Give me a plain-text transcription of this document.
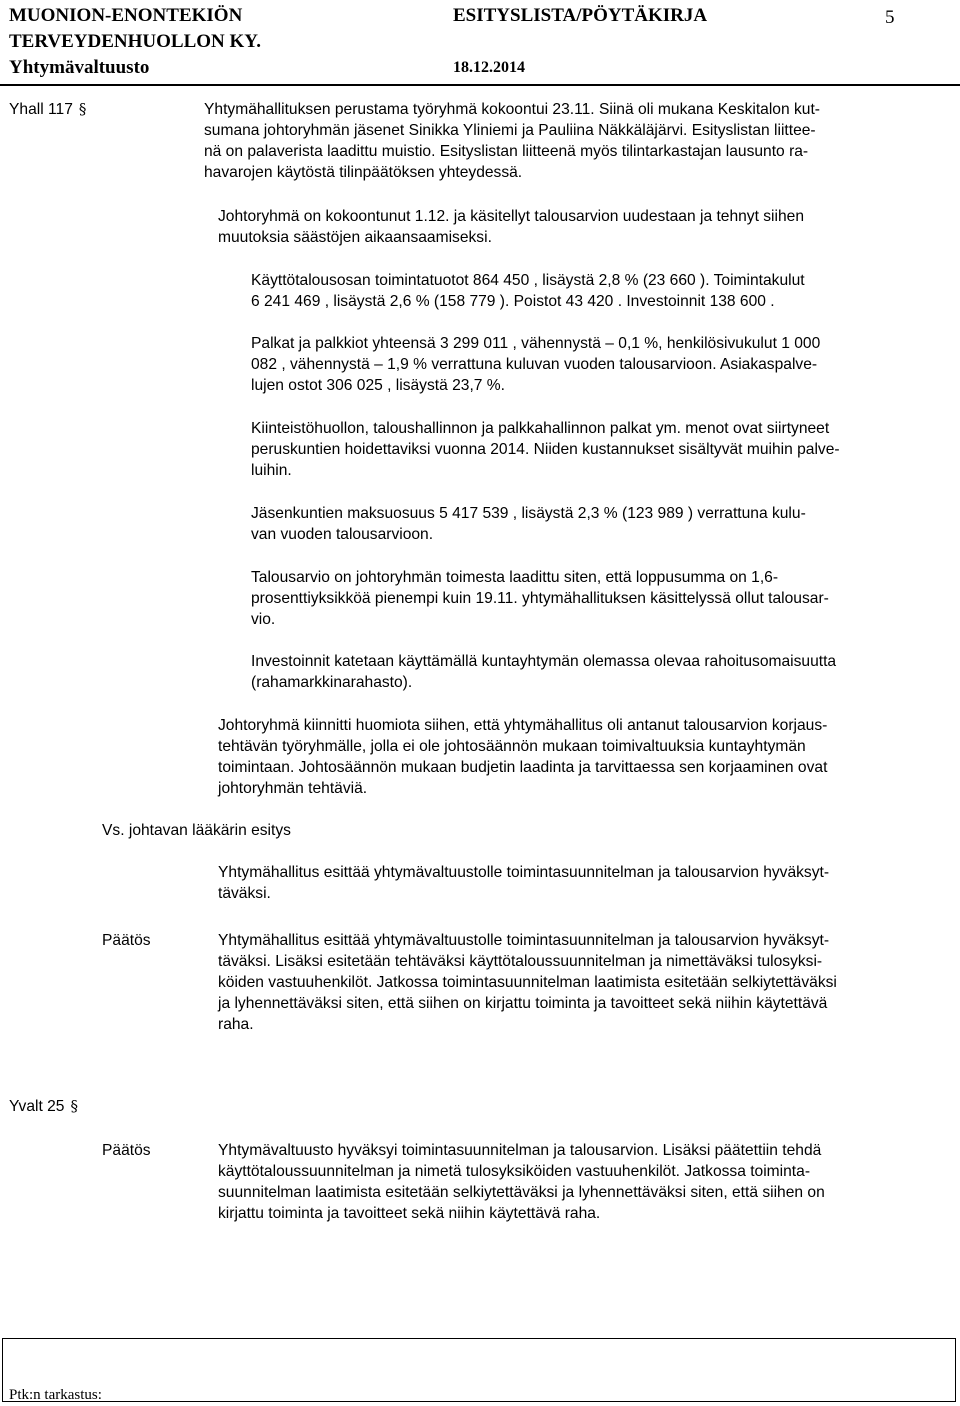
MUONION-ENONTEKIÖN
TERVEYDENHUOLLON KY.
Yhtymävaltuusto
ESITYSLISTA/PÖYTÄKIRJA
18.12.2014
5
Yhall 117 §	Yhtymähallituksen perustama työryhmä kokoontui 23.11. Siinä oli mukana Keskitalon kut-
sumana johtoryhmän jäsenet Sinikka Yliniemi ja Pauliina Näkkäläjärvi. Esityslistan liittee-
nä on palaverista laadittu muistio. Esityslistan liitteenä myös tilintarkastajan lausunto ra-
havarojen käytöstä tilinpäätöksen yhteydessä.
Johtoryhmä on kokoontunut 1.12. ja käsitellyt talousarvion uudestaan ja tehnyt siihen
muutoksia säästöjen aikaansaamiseksi.
Käyttötalousosan toimintatuotot 864 450 , lisäystä 2,8 % (23 660 ). Toimintakulut
6 241 469 , lisäystä 2,6 % (158 779 ). Poistot 43 420 . Investoinnit 138 600 .
Palkat ja palkkiot yhteensä 3 299 011 , vähennystä – 0,1 %, henkilösivukulut 1 000
082 , vähennystä – 1,9 % verrattuna kuluvan vuoden talousarvioon. Asiakaspalve-
lujen ostot 306 025 , lisäystä 23,7 %.
Kiinteistöhuollon, taloushallinnon ja palkkahallinnon palkat ym. menot ovat siirtyneet
peruskuntien hoidettaviksi vuonna 2014. Niiden kustannukset sisältyvät muihin palve-
luihin.
Jäsenkuntien maksuosuus 5 417 539 , lisäystä 2,3 % (123 989 ) verrattuna kulu-
van vuoden talousarvioon.
Talousarvio on johtoryhmän toimesta laadittu siten, että loppusumma on 1,6-
prosenttiyksikköä pienempi kuin 19.11. yhtymähallituksen käsittelyssä ollut talousar-
vio.
Investoinnit katetaan käyttämällä kuntayhtymän olemassa olevaa rahoitusomaisuutta
(rahamarkkinarahasto).
Johtoryhmä kiinnitti huomiota siihen, että yhtymähallitus oli antanut talousarvion korjaus-
tehtävän työryhmälle, jolla ei ole johtosäännön mukaan toimivaltuuksia kuntayhtymän
toimintaan. Johtosäännön mukaan budjetin laadinta ja tarvittaessa sen korjaaminen ovat
johtoryhmän tehtäviä.
Vs. johtavan lääkärin esitys
Yhtymähallitus esittää yhtymävaltuustolle toimintasuunnitelman ja talousarvion hyväksyt-
täväksi.
Päätös	Yhtymähallitus esittää yhtymävaltuustolle toimintasuunnitelman ja talousarvion hyväksyt-
täväksi. Lisäksi esitetään tehtäväksi käyttötaloussuunnitelman ja nimettäväksi tulosyksi-
köiden vastuuhenkilöt. Jatkossa toimintasuunnitelman laatimista esitetään selkiytettäväksi
ja lyhennettäväksi siten, että siihen on kirjattu toiminta ja tavoitteet sekä niihin käytettävä
raha.
Yvalt 25 §
Päätös	Yhtymävaltuusto hyväksyi toimintasuunnitelman ja talousarvion. Lisäksi päätettiin tehdä
käyttötaloussuunnitelman ja nimetä tulosyksiköiden vastuuhenkilöt. Jatkossa toiminta-
suunnitelman laatimista esitetään selkiytettäväksi ja lyhennettäväksi siten, että siihen on
kirjattu toiminta ja tavoitteet sekä niihin käytettävä raha.
Ptk:n tarkastus:
